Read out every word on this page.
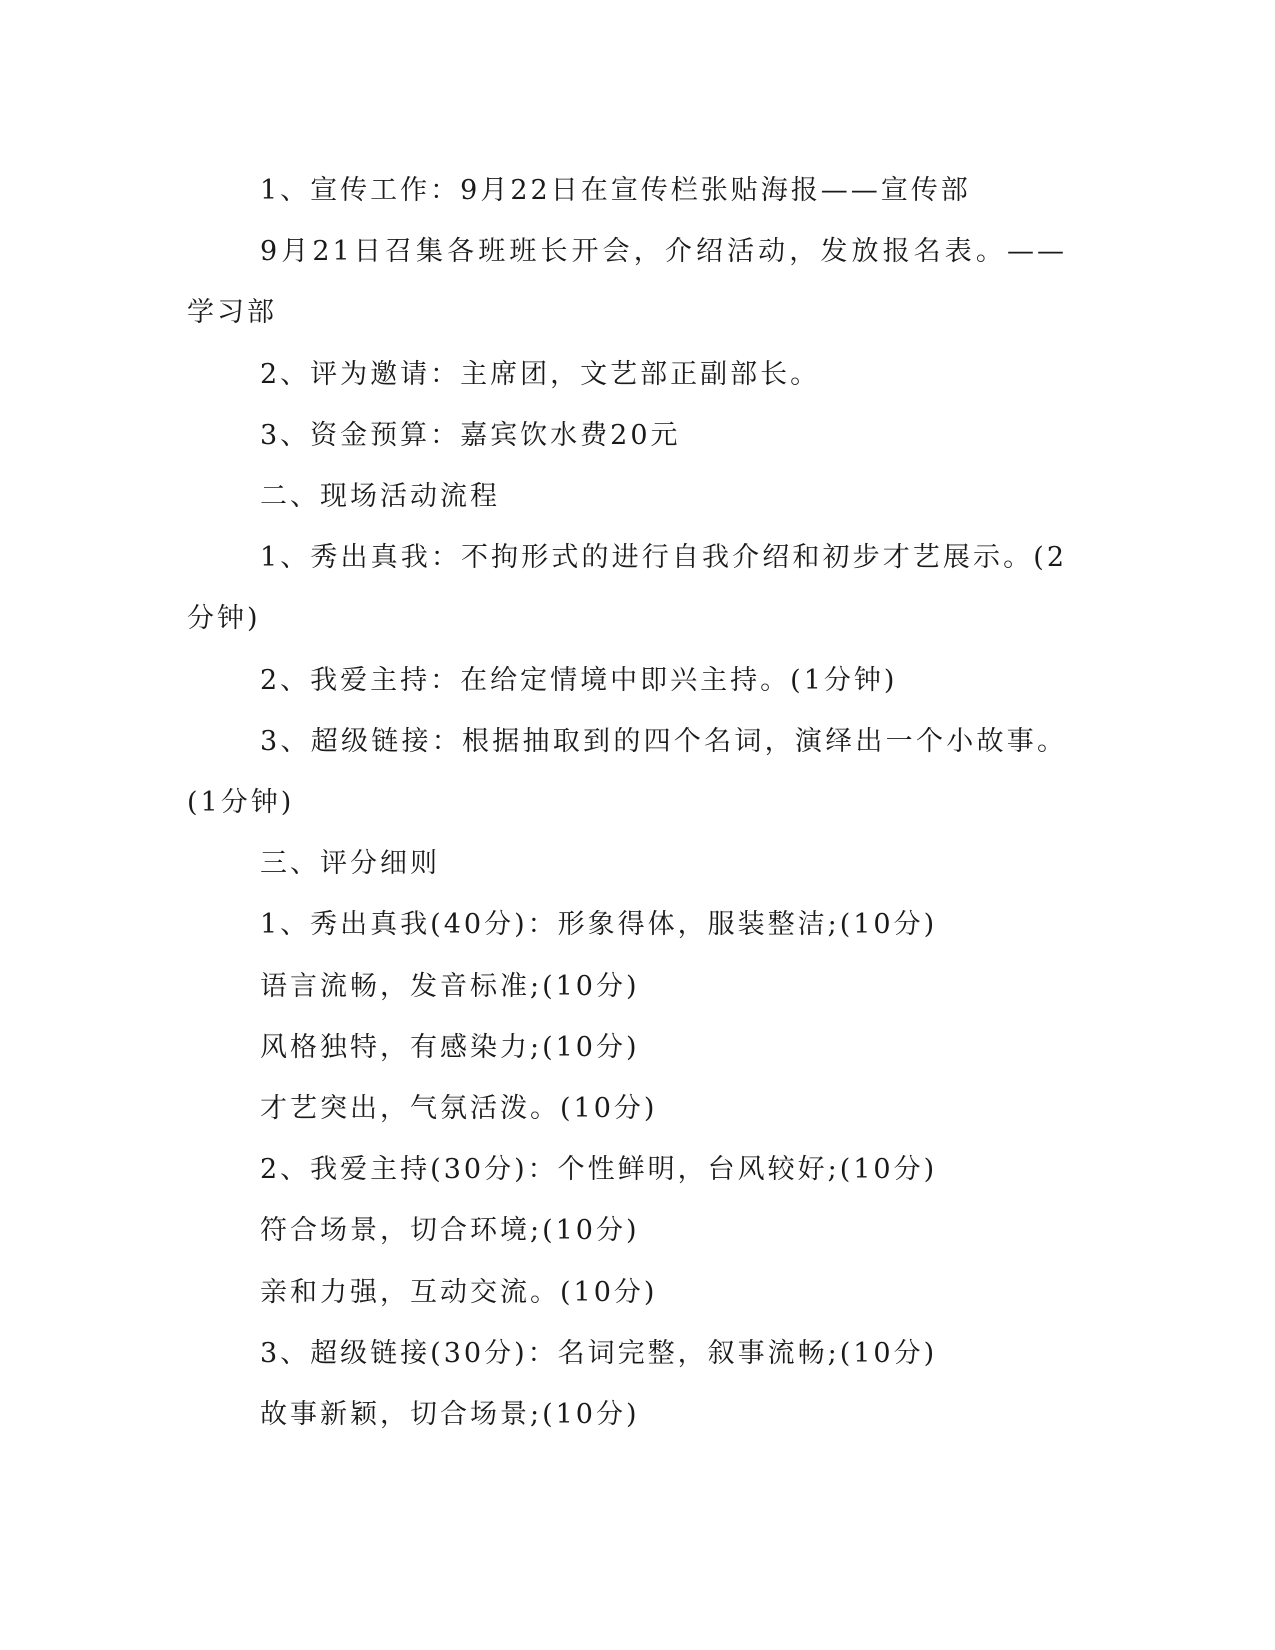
1、宣传工作：9月22日在宣传栏张贴海报——宣传部

9月21日召集各班班长开会，介绍活动，发放报名表。——学习部

2、评为邀请：主席团，文艺部正副部长。

3、资金预算：嘉宾饮水费20元

二、现场活动流程

1、秀出真我：不拘形式的进行自我介绍和初步才艺展示。(2分钟)

2、我爱主持：在给定情境中即兴主持。(1分钟)

3、超级链接：根据抽取到的四个名词，演绎出一个小故事。(1分钟)

三、评分细则

1、秀出真我(40分)：形象得体，服装整洁;(10分)

语言流畅，发音标准;(10分)

风格独特，有感染力;(10分)

才艺突出，气氛活泼。(10分)

2、我爱主持(30分)：个性鲜明，台风较好;(10分)

符合场景，切合环境;(10分)

亲和力强，互动交流。(10分)

3、超级链接(30分)：名词完整，叙事流畅;(10分)

故事新颖，切合场景;(10分)
